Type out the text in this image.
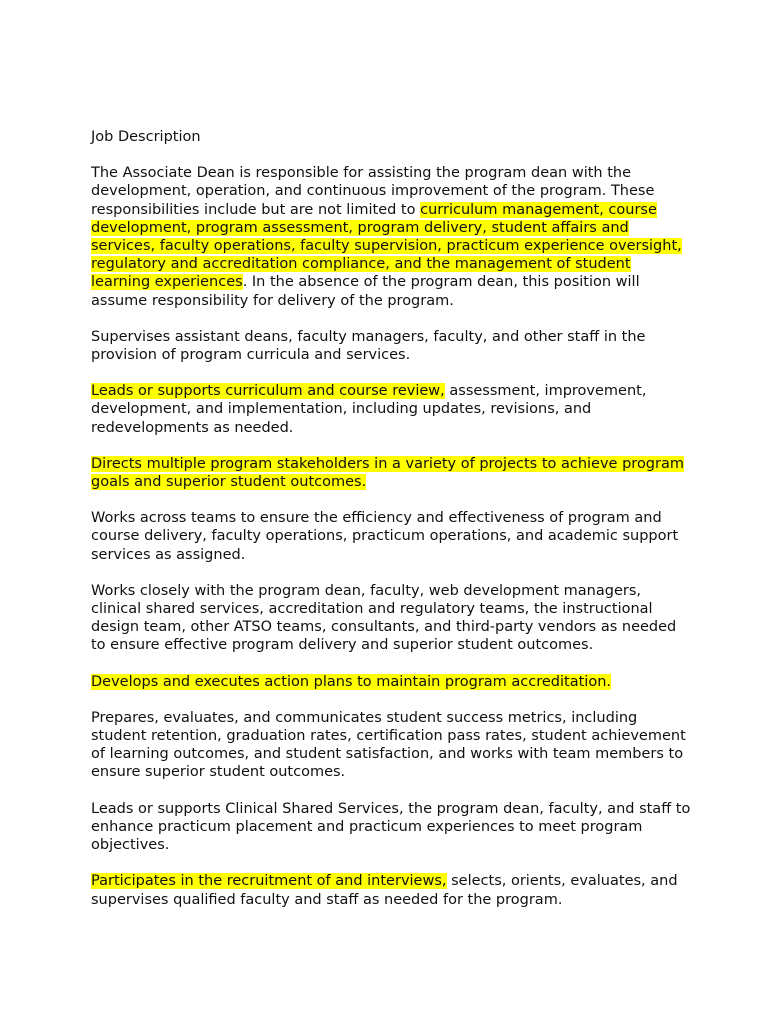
Job Description

The Associate Dean is responsible for assisting the program dean with the development, operation, and continuous improvement of the program. These responsibilities include but are not limited to curriculum management, course development, program assessment, program delivery, student affairs and services, faculty operations, faculty supervision, practicum experience oversight, regulatory and accreditation compliance, and the management of student learning experiences. In the absence of the program dean, this position will assume responsibility for delivery of the program.

Supervises assistant deans, faculty managers, faculty, and other staff in the provision of program curricula and services.

Leads or supports curriculum and course review, assessment, improvement, development, and implementation, including updates, revisions, and redevelopments as needed.

Directs multiple program stakeholders in a variety of projects to achieve program goals and superior student outcomes.

Works across teams to ensure the efficiency and effectiveness of program and course delivery, faculty operations, practicum operations, and academic support services as assigned.

Works closely with the program dean, faculty, web development managers, clinical shared services, accreditation and regulatory teams, the instructional design team, other ATSO teams, consultants, and third-party vendors as needed to ensure effective program delivery and superior student outcomes.

Develops and executes action plans to maintain program accreditation.

Prepares, evaluates, and communicates student success metrics, including student retention, graduation rates, certification pass rates, student achievement of learning outcomes, and student satisfaction, and works with team members to ensure superior student outcomes.

Leads or supports Clinical Shared Services, the program dean, faculty, and staff to enhance practicum placement and practicum experiences to meet program objectives.

Participates in the recruitment of and interviews, selects, orients, evaluates, and supervises qualified faculty and staff as needed for the program.
